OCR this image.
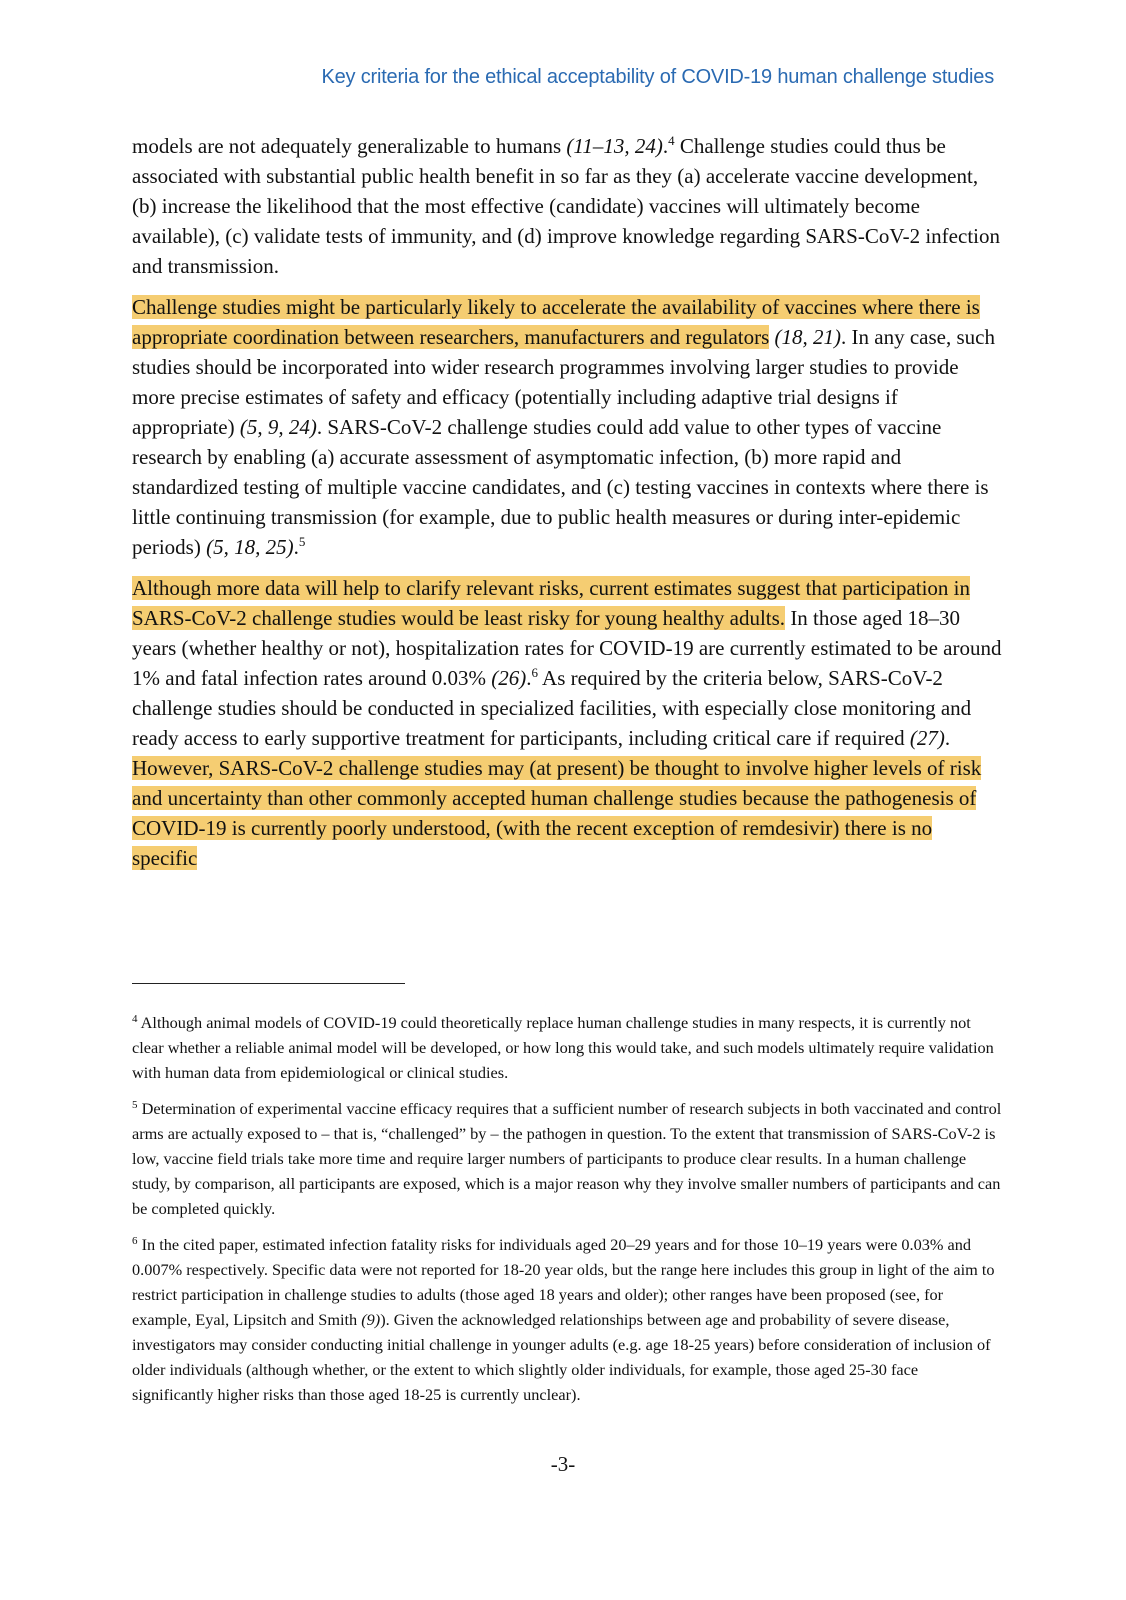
Key criteria for the ethical acceptability of COVID-19 human challenge studies

models are not adequately generalizable to humans (11–13, 24).$^4$ Challenge studies could thus be associated with substantial public health benefit in so far as they (a) accelerate vaccine development, (b) increase the likelihood that the most effective (candidate) vaccines will ultimately become available), (c) validate tests of immunity, and (d) improve knowledge regarding SARS-CoV-2 infection and transmission.

Challenge studies might be particularly likely to accelerate the availability of vaccines where there is appropriate coordination between researchers, manufacturers and regulators (18, 21). In any case, such studies should be incorporated into wider research programmes involving larger studies to provide more precise estimates of safety and efficacy (potentially including adaptive trial designs if appropriate) (5, 9, 24). SARS-CoV-2 challenge studies could add value to other types of vaccine research by enabling (a) accurate assessment of asymptomatic infection, (b) more rapid and standardized testing of multiple vaccine candidates, and (c) testing vaccines in contexts where there is little continuing transmission (for example, due to public health measures or during inter-epidemic periods) (5, 18, 25).$^5$

Although more data will help to clarify relevant risks, current estimates suggest that participation in SARS-CoV-2 challenge studies would be least risky for young healthy adults. In those aged 18–30 years (whether healthy or not), hospitalization rates for COVID-19 are currently estimated to be around 1% and fatal infection rates around 0.03% (26).$^6$ As required by the criteria below, SARS-CoV-2 challenge studies should be conducted in specialized facilities, with especially close monitoring and ready access to early supportive treatment for participants, including critical care if required (27). However, SARS-CoV-2 challenge studies may (at present) be thought to involve higher levels of risk and uncertainty than other commonly accepted human challenge studies because the pathogenesis of COVID-19 is currently poorly understood, (with the recent exception of remdesivir) there is no specific

$^4$ Although animal models of COVID-19 could theoretically replace human challenge studies in many respects, it is currently not clear whether a reliable animal model will be developed, or how long this would take, and such models ultimately require validation with human data from epidemiological or clinical studies.

$^5$ Determination of experimental vaccine efficacy requires that a sufficient number of research subjects in both vaccinated and control arms are actually exposed to – that is, “challenged” by – the pathogen in question. To the extent that transmission of SARS-CoV-2 is low, vaccine field trials take more time and require larger numbers of participants to produce clear results. In a human challenge study, by comparison, all participants are exposed, which is a major reason why they involve smaller numbers of participants and can be completed quickly.

$^6$ In the cited paper, estimated infection fatality risks for individuals aged 20–29 years and for those 10–19 years were 0.03% and 0.007% respectively. Specific data were not reported for 18-20 year olds, but the range here includes this group in light of the aim to restrict participation in challenge studies to adults (those aged 18 years and older); other ranges have been proposed (see, for example, Eyal, Lipsitch and Smith (9)). Given the acknowledged relationships between age and probability of severe disease, investigators may consider conducting initial challenge in younger adults (e.g. age 18-25 years) before consideration of inclusion of older individuals (although whether, or the extent to which slightly older individuals, for example, those aged 25-30 face significantly higher risks than those aged 18-25 is currently unclear).

-3-
